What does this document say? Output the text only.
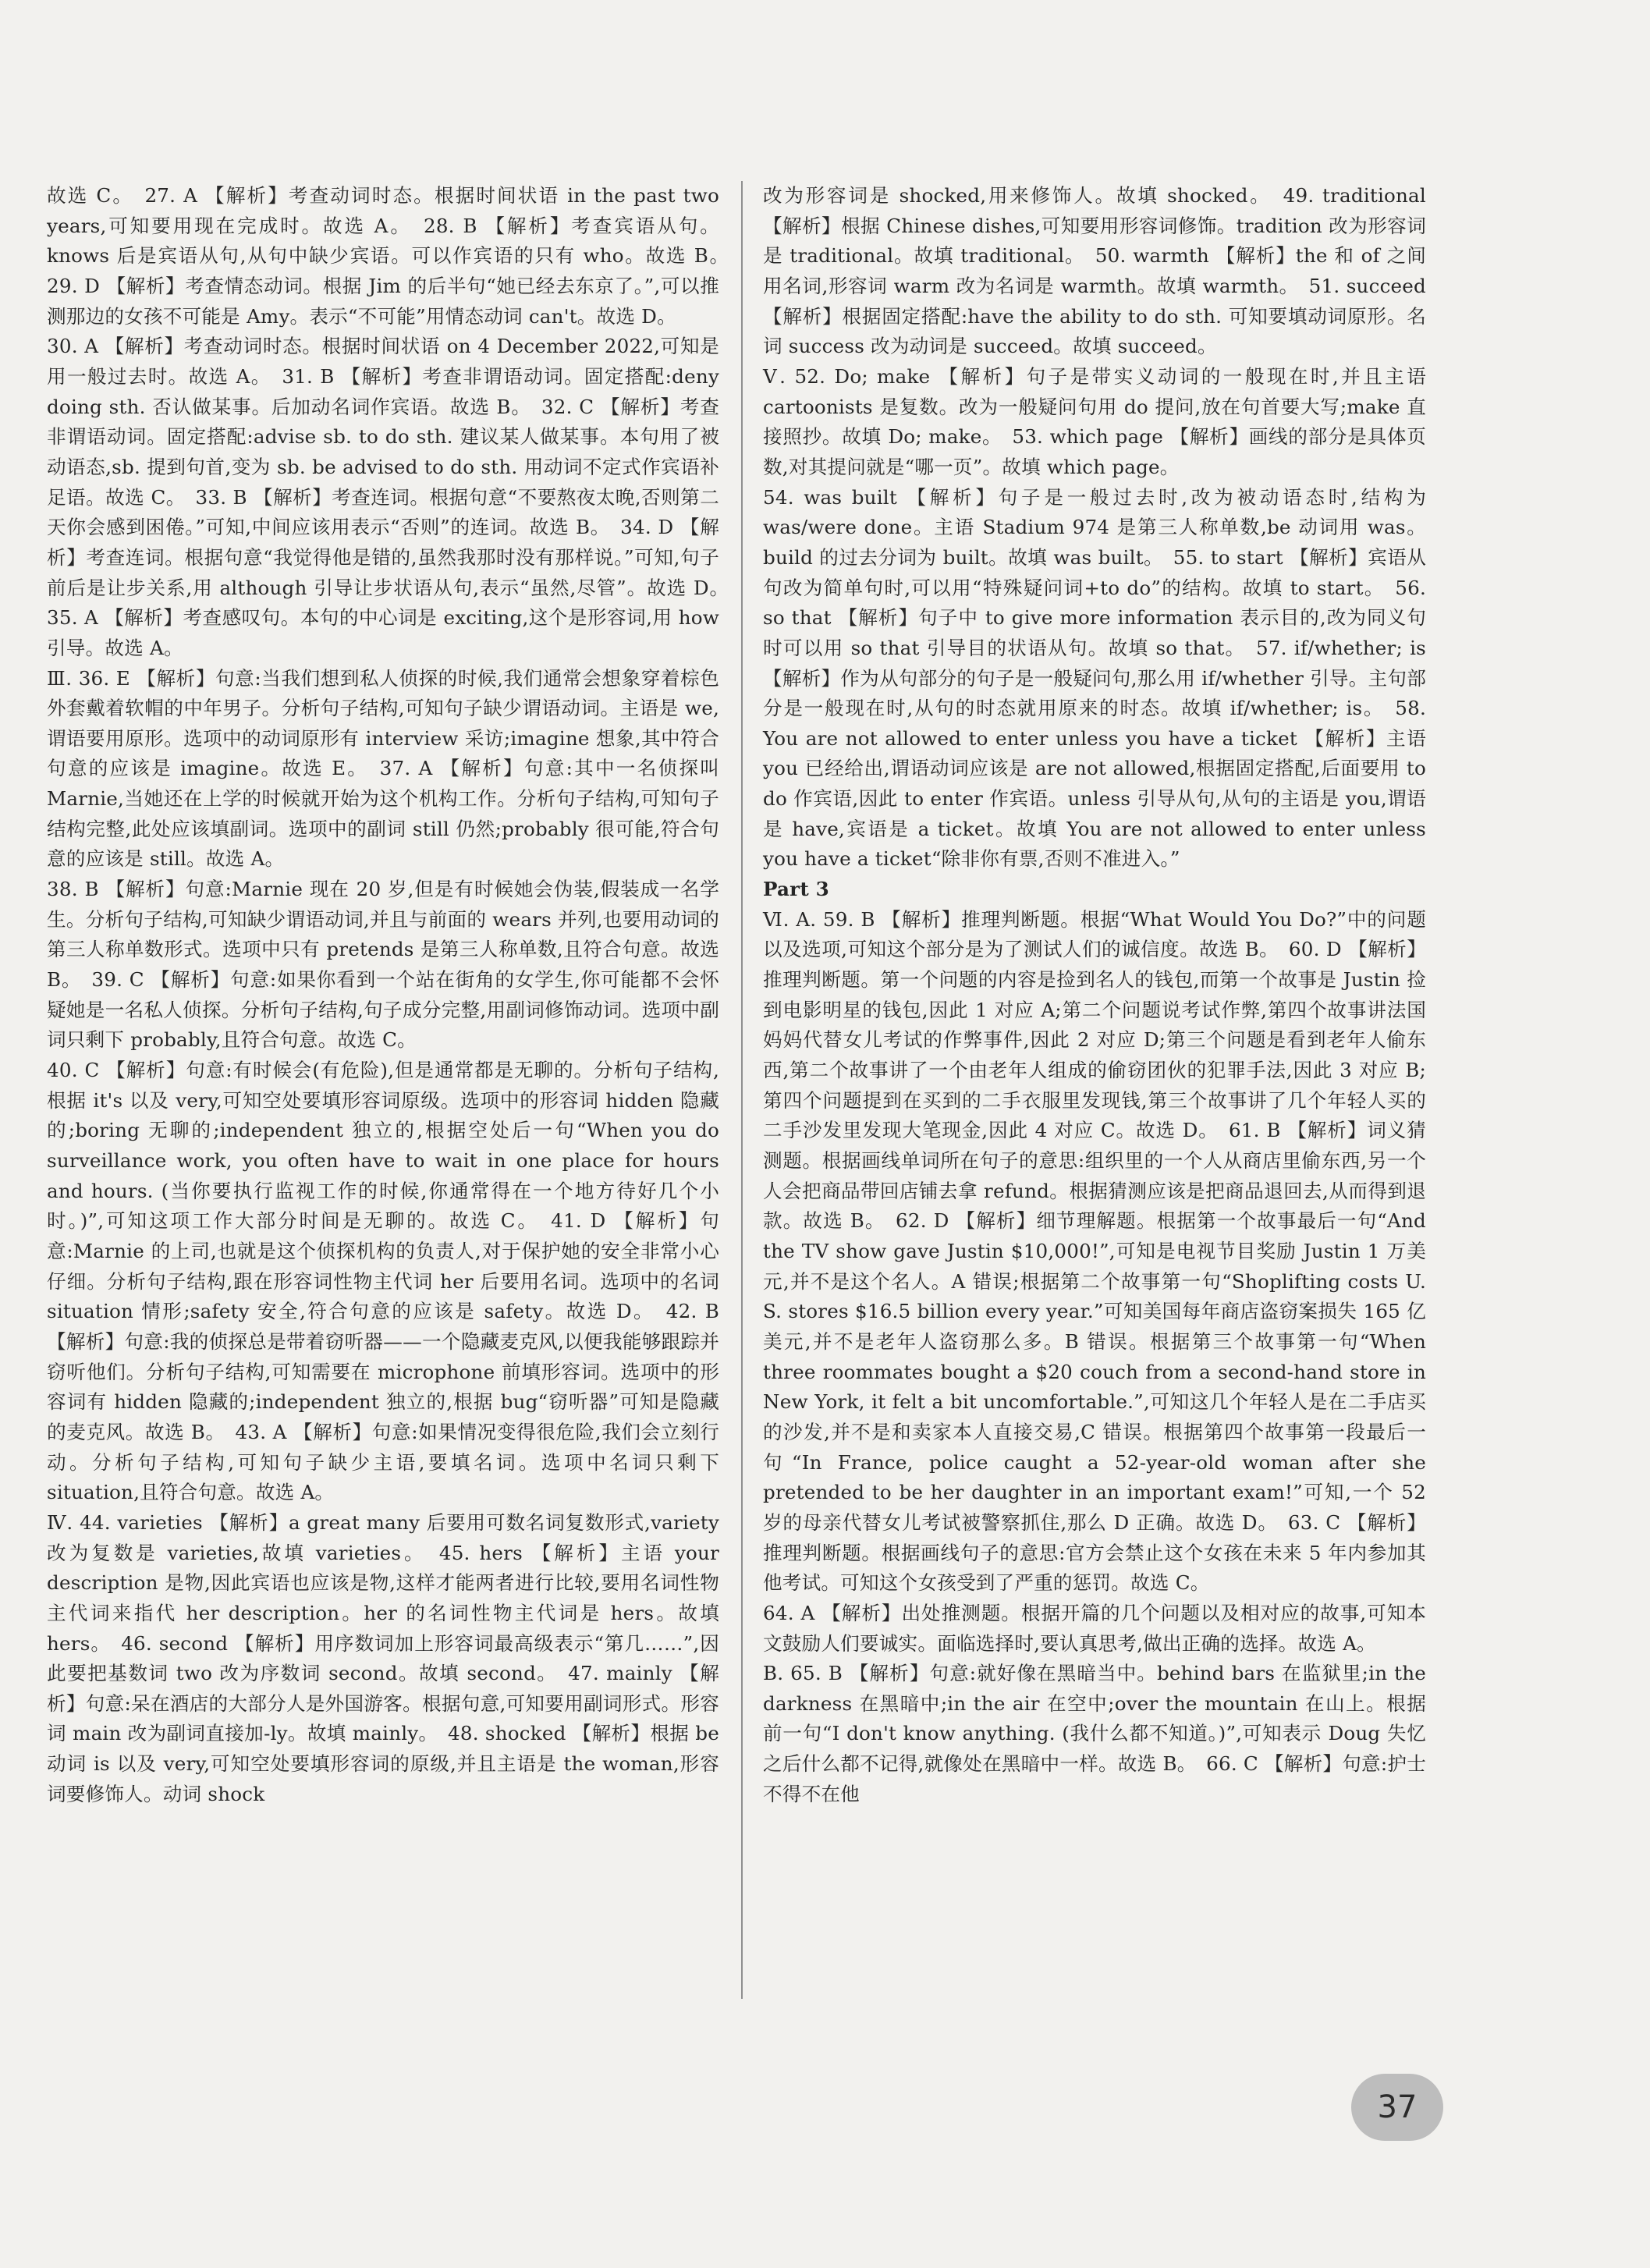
故选 C。　27. A 【解析】考查动词时态。根据时间状语 in the past two years,可知要用现在完成时。故选 A。　28. B 【解析】考查宾语从句。knows 后是宾语从句,从句中缺少宾语。可以作宾语的只有 who。故选 B。　29. D 【解析】考查情态动词。根据 Jim 的后半句“她已经去东京了。”,可以推测那边的女孩不可能是 Amy。表示“不可能”用情态动词 can't。故选 D。

30. A 【解析】考查动词时态。根据时间状语 on 4 December 2022,可知是用一般过去时。故选 A。　31. B 【解析】考查非谓语动词。固定搭配:deny doing sth. 否认做某事。后加动名词作宾语。故选 B。　32. C 【解析】考查非谓语动词。固定搭配:advise sb. to do sth. 建议某人做某事。本句用了被动语态,sb. 提到句首,变为 sb. be advised to do sth. 用动词不定式作宾语补足语。故选 C。　33. B 【解析】考查连词。根据句意“不要熬夜太晚,否则第二天你会感到困倦。”可知,中间应该用表示“否则”的连词。故选 B。　34. D 【解析】考查连词。根据句意“我觉得他是错的,虽然我那时没有那样说。”可知,句子前后是让步关系,用 although 引导让步状语从句,表示“虽然,尽管”。故选 D。　35. A 【解析】考查感叹句。本句的中心词是 exciting,这个是形容词,用 how 引导。故选 A。

Ⅲ. 36. E 【解析】句意:当我们想到私人侦探的时候,我们通常会想象穿着棕色外套戴着软帽的中年男子。分析句子结构,可知句子缺少谓语动词。主语是 we,谓语要用原形。选项中的动词原形有 interview 采访;imagine 想象,其中符合句意的应该是 imagine。故选 E。　37. A 【解析】句意:其中一名侦探叫 Marnie,当她还在上学的时候就开始为这个机构工作。分析句子结构,可知句子结构完整,此处应该填副词。选项中的副词 still 仍然;probably 很可能,符合句意的应该是 still。故选 A。

38. B 【解析】句意:Marnie 现在 20 岁,但是有时候她会伪装,假装成一名学生。分析句子结构,可知缺少谓语动词,并且与前面的 wears 并列,也要用动词的第三人称单数形式。选项中只有 pretends 是第三人称单数,且符合句意。故选 B。　39. C 【解析】句意:如果你看到一个站在街角的女学生,你可能都不会怀疑她是一名私人侦探。分析句子结构,句子成分完整,用副词修饰动词。选项中副词只剩下 probably,且符合句意。故选 C。

40. C 【解析】句意:有时候会(有危险),但是通常都是无聊的。分析句子结构,根据 it's 以及 very,可知空处要填形容词原级。选项中的形容词 hidden 隐藏的;boring 无聊的;independent 独立的,根据空处后一句“When you do surveillance work, you often have to wait in one place for hours and hours. (当你要执行监视工作的时候,你通常得在一个地方待好几个小时。)”,可知这项工作大部分时间是无聊的。故选 C。　41. D 【解析】句意:Marnie 的上司,也就是这个侦探机构的负责人,对于保护她的安全非常小心仔细。分析句子结构,跟在形容词性物主代词 her 后要用名词。选项中的名词 situation 情形;safety 安全,符合句意的应该是 safety。故选 D。　42. B 【解析】句意:我的侦探总是带着窃听器——一个隐藏麦克风,以便我能够跟踪并窃听他们。分析句子结构,可知需要在 microphone 前填形容词。选项中的形容词有 hidden 隐藏的;independent 独立的,根据 bug“窃听器”可知是隐藏的麦克风。故选 B。　43. A 【解析】句意:如果情况变得很危险,我们会立刻行动。分析句子结构,可知句子缺少主语,要填名词。选项中名词只剩下 situation,且符合句意。故选 A。

Ⅳ. 44. varieties 【解析】a great many 后要用可数名词复数形式,variety 改为复数是 varieties,故填 varieties。　45. hers 【解析】主语 your description 是物,因此宾语也应该是物,这样才能两者进行比较,要用名词性物主代词来指代 her description。her 的名词性物主代词是 hers。故填 hers。　46. second 【解析】用序数词加上形容词最高级表示“第几……”,因此要把基数词 two 改为序数词 second。故填 second。　47. mainly 【解析】句意:呆在酒店的大部分人是外国游客。根据句意,可知要用副词形式。形容词 main 改为副词直接加-ly。故填 mainly。　48. shocked 【解析】根据 be 动词 is 以及 very,可知空处要填形容词的原级,并且主语是 the woman,形容词要修饰人。动词 shock

改为形容词是 shocked,用来修饰人。故填 shocked。　49. traditional 【解析】根据 Chinese dishes,可知要用形容词修饰。tradition 改为形容词是 traditional。故填 traditional。　50. warmth 【解析】the 和 of 之间用名词,形容词 warm 改为名词是 warmth。故填 warmth。　51. succeed 【解析】根据固定搭配:have the ability to do sth. 可知要填动词原形。名词 success 改为动词是 succeed。故填 succeed。

Ⅴ. 52. Do; make 【解析】句子是带实义动词的一般现在时,并且主语 cartoonists 是复数。改为一般疑问句用 do 提问,放在句首要大写;make 直接照抄。故填 Do; make。　53. which page 【解析】画线的部分是具体页数,对其提问就是“哪一页”。故填 which page。

54. was built 【解析】句子是一般过去时,改为被动语态时,结构为 was/were done。主语 Stadium 974 是第三人称单数,be 动词用 was。build 的过去分词为 built。故填 was built。　55. to start 【解析】宾语从句改为简单句时,可以用“特殊疑问词+to do”的结构。故填 to start。　56. so that 【解析】句子中 to give more information 表示目的,改为同义句时可以用 so that 引导目的状语从句。故填 so that。　57. if/whether; is 【解析】作为从句部分的句子是一般疑问句,那么用 if/whether 引导。主句部分是一般现在时,从句的时态就用原来的时态。故填 if/whether; is。　58. You are not allowed to enter unless you have a ticket 【解析】主语 you 已经给出,谓语动词应该是 are not allowed,根据固定搭配,后面要用 to do 作宾语,因此 to enter 作宾语。unless 引导从句,从句的主语是 you,谓语是 have,宾语是 a ticket。故填 You are not allowed to enter unless you have a ticket“除非你有票,否则不准进入。”

Part 3

Ⅵ. A. 59. B 【解析】推理判断题。根据“What Would You Do?”中的问题以及选项,可知这个部分是为了测试人们的诚信度。故选 B。　60. D 【解析】推理判断题。第一个问题的内容是捡到名人的钱包,而第一个故事是 Justin 捡到电影明星的钱包,因此 1 对应 A;第二个问题说考试作弊,第四个故事讲法国妈妈代替女儿考试的作弊事件,因此 2 对应 D;第三个问题是看到老年人偷东西,第二个故事讲了一个由老年人组成的偷窃团伙的犯罪手法,因此 3 对应 B;第四个问题提到在买到的二手衣服里发现钱,第三个故事讲了几个年轻人买的二手沙发里发现大笔现金,因此 4 对应 C。故选 D。　61. B 【解析】词义猜测题。根据画线单词所在句子的意思:组织里的一个人从商店里偷东西,另一个人会把商品带回店铺去拿 refund。根据猜测应该是把商品退回去,从而得到退款。故选 B。　62. D 【解析】细节理解题。根据第一个故事最后一句“And the TV show gave Justin $10,000!”,可知是电视节目奖励 Justin 1 万美元,并不是这个名人。A 错误;根据第二个故事第一句“Shoplifting costs U. S. stores $16.5 billion every year.”可知美国每年商店盗窃案损失 165 亿美元,并不是老年人盗窃那么多。B 错误。根据第三个故事第一句“When three roommates bought a $20 couch from a second-hand store in New York, it felt a bit uncomfortable.”,可知这几个年轻人是在二手店买的沙发,并不是和卖家本人直接交易,C 错误。根据第四个故事第一段最后一句“In France, police caught a 52-year-old woman after she pretended to be her daughter in an important exam!”可知,一个 52 岁的母亲代替女儿考试被警察抓住,那么 D 正确。故选 D。　63. C 【解析】推理判断题。根据画线句子的意思:官方会禁止这个女孩在未来 5 年内参加其他考试。可知这个女孩受到了严重的惩罚。故选 C。

64. A 【解析】出处推测题。根据开篇的几个问题以及相对应的故事,可知本文鼓励人们要诚实。面临选择时,要认真思考,做出正确的选择。故选 A。

B. 65. B 【解析】句意:就好像在黑暗当中。behind bars 在监狱里;in the darkness 在黑暗中;in the air 在空中;over the mountain 在山上。根据前一句“I don't know anything. (我什么都不知道。)”,可知表示 Doug 失忆之后什么都不记得,就像处在黑暗中一样。故选 B。　66. C 【解析】句意:护士不得不在他

37
